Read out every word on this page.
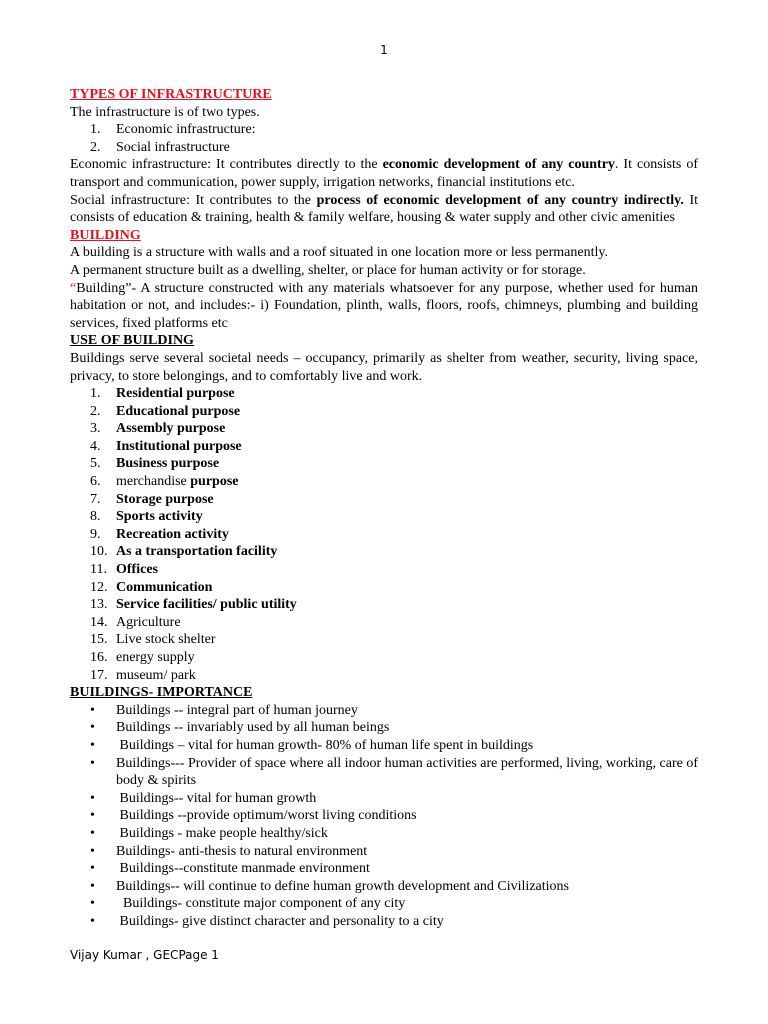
1
TYPES OF INFRASTRUCTURE

The infrastructure is of two types.

1.	Economic infrastructure:
2.	Social infrastructure

Economic infrastructure: It contributes directly to the economic development of any country. It consists of transport and communication, power supply, irrigation networks, financial institutions etc.

Social infrastructure: It contributes to the process of economic development of any country indirectly. It consists of education & training, health & family welfare, housing & water supply and other civic amenities

BUILDING

A building is a structure with walls and a roof situated in one location more or less permanently.

A permanent structure built as a dwelling, shelter, or place for human activity or for storage.

“Building”- A structure constructed with any materials whatsoever for any purpose, whether used for human habitation or not, and includes:- i) Foundation, plinth, walls, floors, roofs, chimneys, plumbing and building services, fixed platforms etc

USE OF BUILDING

Buildings serve several societal needs – occupancy, primarily as shelter from weather, security, living space, privacy, to store belongings, and to comfortably live and work.

1.	Residential purpose
2.	Educational purpose
3.	Assembly purpose
4.	Institutional purpose
5.	Business purpose
6.	merchandise purpose
7.	Storage purpose
8.	Sports activity
9.	Recreation activity
10. As a transportation facility
11. Offices
12. Communication
13. Service facilities/ public utility
14. Agriculture
15. Live stock shelter
16. energy supply
17. museum/ park
BUILDINGS- IMPORTANCE
• Buildings -- integral part of human journey
• Buildings -- invariably used by all human beings
• Buildings – vital for human growth- 80% of human life spent in buildings
• Buildings--- Provider of space where all indoor human activities are performed, living, working, care of body & spirits
• Buildings-- vital for human growth
• Buildings --provide optimum/worst living conditions
• Buildings - make people healthy/sick
• Buildings- anti-thesis to natural environment
• Buildings--constitute manmade environment
• Buildings-- will continue to define human growth development and Civilizations
• Buildings- constitute major component of any city
• Buildings- give distinct character and personality to a city
Vijay Kumar , GECPage 1
